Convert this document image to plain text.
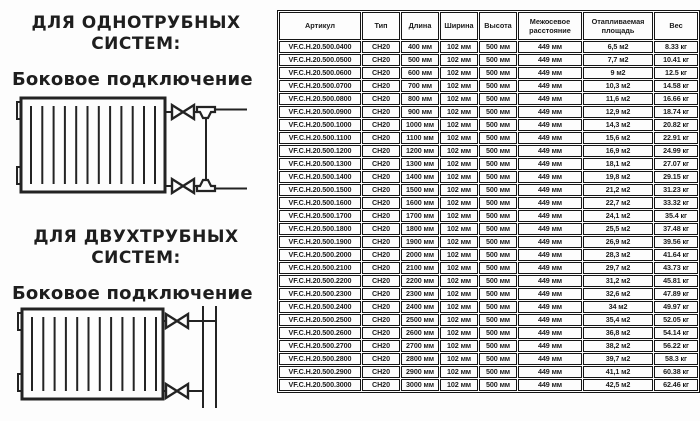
ДЛЯ ОДНОТРУБНЫХ
СИСТЕМ:
Боковое подключение
ДЛЯ ДВУХТРУБНЫХ
СИСТЕМ:
Боковое подключение
Артикул	Тип	Длина	Ширина	Высота	Межосевое расстояние	Отапливаемая площадь	Вес
VF.C.H.20.500.0400	CH20	400 мм	102 мм	500 мм	449 мм	6,5 м2	8.33 кг
VF.C.H.20.500.0500	CH20	500 мм	102 мм	500 мм	449 мм	7,7 м2	10.41 кг
VF.C.H.20.500.0600	CH20	600 мм	102 мм	500 мм	449 мм	9 м2	12.5 кг
VF.C.H.20.500.0700	CH20	700 мм	102 мм	500 мм	449 мм	10,3 м2	14.58 кг
VF.C.H.20.500.0800	CH20	800 мм	102 мм	500 мм	449 мм	11,6 м2	16.66 кг
VF.C.H.20.500.0900	CH20	900 мм	102 мм	500 мм	449 мм	12,9 м2	18.74 кг
VF.C.H.20.500.1000	CH20	1000 мм	102 мм	500 мм	449 мм	14,3 м2	20.82 кг
VF.C.H.20.500.1100	CH20	1100 мм	102 мм	500 мм	449 мм	15,6 м2	22.91 кг
VF.C.H.20.500.1200	CH20	1200 мм	102 мм	500 мм	449 мм	16,9 м2	24.99 кг
VF.C.H.20.500.1300	CH20	1300 мм	102 мм	500 мм	449 мм	18,1 м2	27.07 кг
VF.C.H.20.500.1400	CH20	1400 мм	102 мм	500 мм	449 мм	19,8 м2	29.15 кг
VF.C.H.20.500.1500	CH20	1500 мм	102 мм	500 мм	449 мм	21,2 м2	31.23 кг
VF.C.H.20.500.1600	CH20	1600 мм	102 мм	500 мм	449 мм	22,7 м2	33.32 кг
VF.C.H.20.500.1700	CH20	1700 мм	102 мм	500 мм	449 мм	24,1 м2	35.4 кг
VF.C.H.20.500.1800	CH20	1800 мм	102 мм	500 мм	449 мм	25,5 м2	37.48 кг
VF.C.H.20.500.1900	CH20	1900 мм	102 мм	500 мм	449 мм	26,9 м2	39.56 кг
VF.C.H.20.500.2000	CH20	2000 мм	102 мм	500 мм	449 мм	28,3 м2	41.64 кг
VF.C.H.20.500.2100	CH20	2100 мм	102 мм	500 мм	449 мм	29,7 м2	43.73 кг
VF.C.H.20.500.2200	CH20	2200 мм	102 мм	500 мм	449 мм	31,2 м2	45.81 кг
VF.C.H.20.500.2300	CH20	2300 мм	102 мм	500 мм	449 мм	32,6 м2	47.89 кг
VF.C.H.20.500.2400	CH20	2400 мм	102 мм	500 мм	449 мм	34 м2	49.97 кг
VF.C.H.20.500.2500	CH20	2500 мм	102 мм	500 мм	449 мм	35,4 м2	52.05 кг
VF.C.H.20.500.2600	CH20	2600 мм	102 мм	500 мм	449 мм	36,8 м2	54.14 кг
VF.C.H.20.500.2700	CH20	2700 мм	102 мм	500 мм	449 мм	38,2 м2	56.22 кг
VF.C.H.20.500.2800	CH20	2800 мм	102 мм	500 мм	449 мм	39,7 м2	58.3 кг
VF.C.H.20.500.2900	CH20	2900 мм	102 мм	500 мм	449 мм	41,1 м2	60.38 кг
VF.C.H.20.500.3000	CH20	3000 мм	102 мм	500 мм	449 мм	42,5 м2	62.46 кг
